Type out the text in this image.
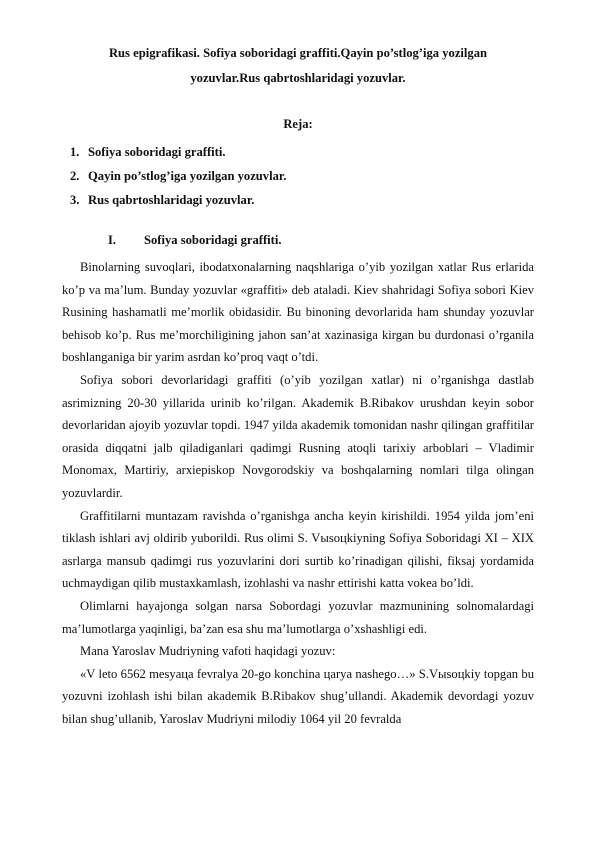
Rus epigrafikasi. Sofiya soboridagi graffiti.Qayin po’stlog’iga yozilgan
yozuvlar.Rus qabrtoshlaridagi yozuvlar.
Reja:
1. Sofiya soboridagi graffiti.
2. Qayin po’stlog’iga yozilgan yozuvlar.
3. Rus qabrtoshlaridagi yozuvlar.
I. Sofiya soboridagi graffiti.

Binolarning suvoqlari, ibodatxonalarning naqshlariga o’yib yozilgan xatlar Rus erlarida ko’p va ma’lum. Bunday yozuvlar «graffiti» deb ataladi. Kiev shahridagi Sofiya sobori Kiev Rusining hashamatli me’morlik obidasidir. Bu binoning devorlarida ham shunday yozuvlar behisob ko’p. Rus me’morchiligining jahon san’at xazinasiga kirgan bu durdonasi o’rganila boshlanganiga bir yarim asrdan ko’proq vaqt o’tdi.

Sofiya sobori devorlaridagi graffiti (o’yib yozilgan xatlar) ni o’rganishga dastlab asrimizning 20-30 yillarida urinib ko’rilgan. Akademik B.Ribakov urushdan keyin sobor devorlaridan ajoyib yozuvlar topdi. 1947 yilda akademik tomonidan nashr qilingan graffitilar orasida diqqatni jalb qiladiganlari qadimgi Rusning atoqli tarixiy arboblari – Vladimir Monomax, Martiriy, arxiepiskop Novgorodskiy va boshqalarning nomlari tilga olingan yozuvlardir.

Graffitilarni muntazam ravishda o’rganishga ancha keyin kirishildi. 1954 yilda jom’eni tiklash ishlari avj oldirib yuborildi. Rus olimi S. Vыsoцkiyning Sofiya Soboridagi XI – XIX asrlarga mansub qadimgi rus yozuvlarini dori surtib ko’rinadigan qilishi, fiksaj yordamida uchmaydigan qilib mustaxkamlash, izohlashi va nashr ettirishi katta vokea bo’ldi.

Olimlarni hayajonga solgan narsa Sobordagi yozuvlar mazmunining solnomalardagi ma’lumotlarga yaqinligi, ba’zan esa shu ma’lumotlarga o’xshashligi edi.

Mana Yaroslav Mudriyning vafoti haqidagi yozuv:

«V leto 6562 mesyaцa fevralya 20-go konchina цarya nashego…» S.Vыsoцkiy topgan bu yozuvni izohlash ishi bilan akademik B.Ribakov shug’ullandi. Akademik devordagi yozuv bilan shug’ullanib, Yaroslav Mudriyni milodiy 1064 yil 20 fevralda
